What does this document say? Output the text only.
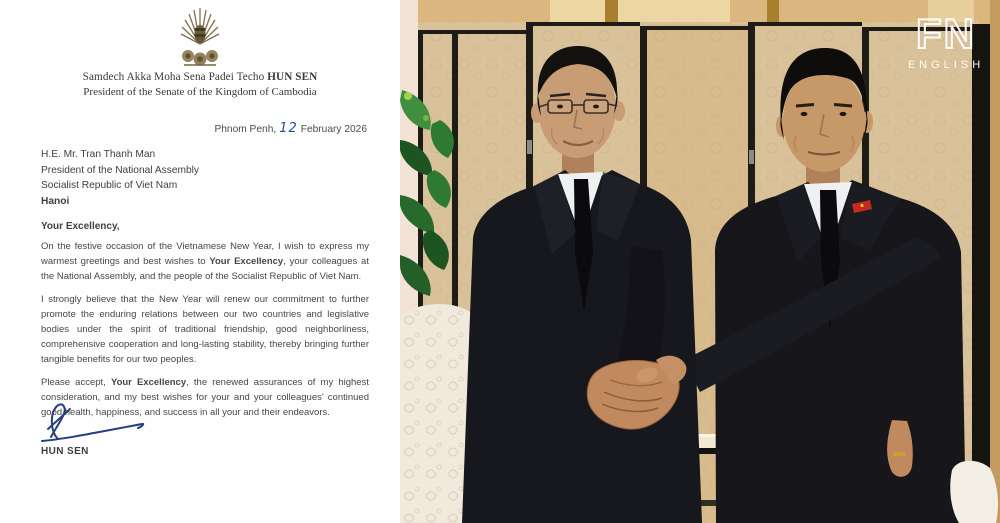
Samdech Akka Moha Sena Padei Techo HUN SEN
President of the Senate of the Kingdom of Cambodia
Phnom Penh, 12 February 2026
H.E. Mr. Tran Thanh Man
President of the National Assembly
Socialist Republic of Viet Nam
Hanoi
Your Excellency,

On the festive occasion of the Vietnamese New Year, I wish to express my warmest greetings and best wishes to Your Excellency, your colleagues at the National Assembly, and the people of the Socialist Republic of Viet Nam.

I strongly believe that the New Year will renew our commitment to further promote the enduring relations between our two countries and legislative bodies under the spirit of traditional friendship, good neighborliness, comprehensive cooperation and long-lasting stability, thereby bringing further tangible benefits for our two peoples.

Please accept, Your Excellency, the renewed assurances of my highest consideration, and my best wishes for your and your colleagues' continued good health, happiness, and success in all your and their endeavors.

HUN SEN
FN
ENGLISH
